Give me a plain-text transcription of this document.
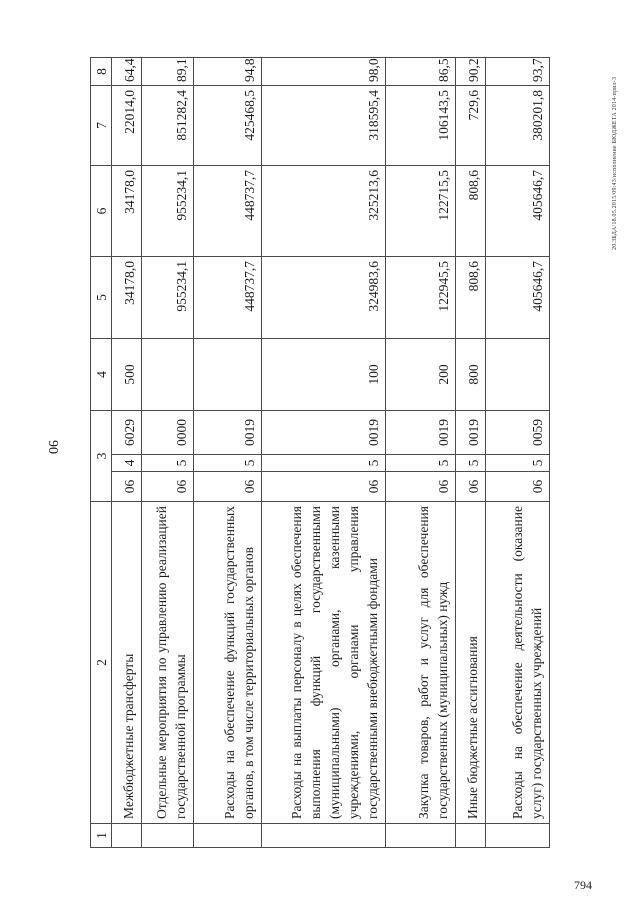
90
794
20.3БДА/18.05.2015/09:43/исполнение БЮДЖЕТА 2014-прил-3
1	2	3			4	5	6	7	8
	Межбюджетные трансферты	06	4	6029	500	34178,0	34178,0	22014,0	64,4
	Отдельные мероприятия по управлению реализацией государственной программы	06	5	0000		955234,1	955234,1	851282,4	89,1
	Расходы на обеспечение функций государственных органов, в том числе территориальных органов	06	5	0019		448737,7	448737,7	425468,5	94,8
	Расходы на выплаты персоналу в целях обеспечения выполнения функций государственными (муниципальными) органами, казенными учреждениями, органами управления государственными внебюджетными фондами	06	5	0019	100	324983,6	325213,6	318595,4	98,0
	Закупка товаров, работ и услуг для обеспечения государственных (муниципальных) нужд	06	5	0019	200	122945,5	122715,5	106143,5	86,5
	Иные бюджетные ассигнования	06	5	0019	800	808,6	808,6	729,6	90,2
	Расходы на обеспечение деятельности (оказание услуг) государственных учреждений	06	5	0059		405646,7	405646,7	380201,8	93,7
